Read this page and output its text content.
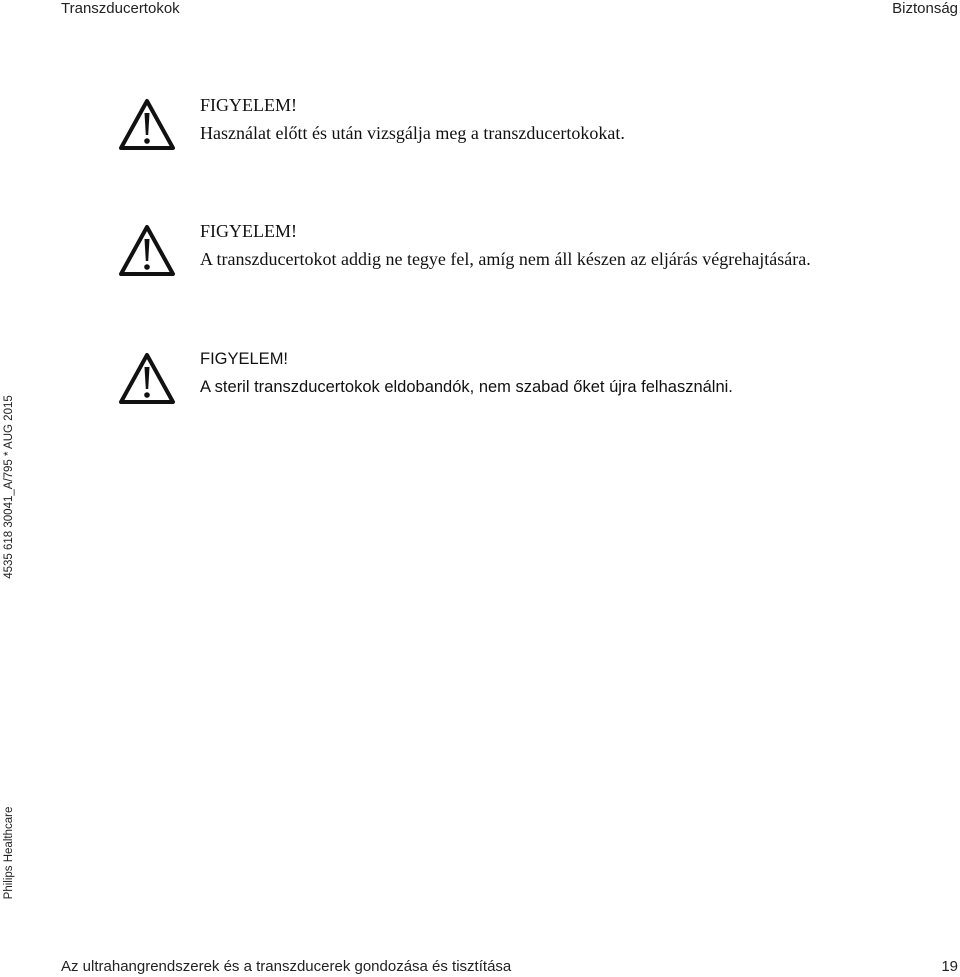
Transzducertokok	Biztonság
FIGYELEM!
Használat előtt és után vizsgálja meg a transzducertokokat.
FIGYELEM!
A transzducertokot addig ne tegye fel, amíg nem áll készen az eljárás végrehajtására.
FIGYELEM!
A steril transzducertokok eldobandók, nem szabad őket újra felhasználni.
4535 618 30041_A/795 * AUG 2015
Philips Healthcare
Az ultrahangrendszerek és a transzducerek gondozása és tisztítása	19
